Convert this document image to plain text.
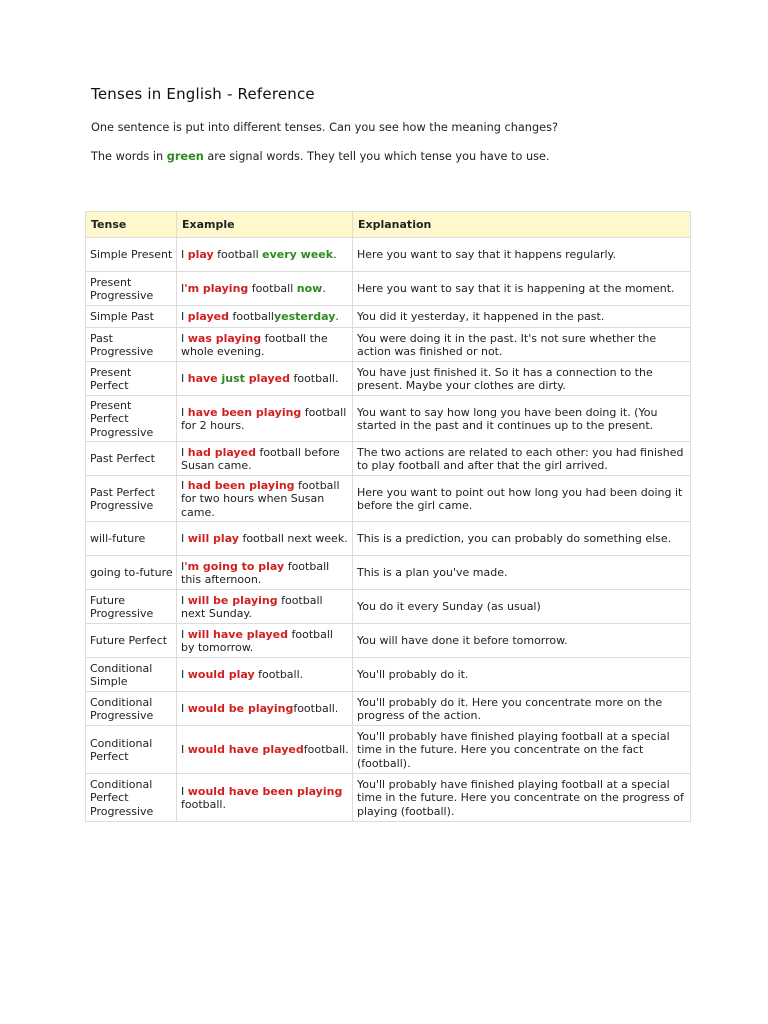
Tenses in English - Reference

One sentence is put into different tenses. Can you see how the meaning changes?

The words in green are signal words. They tell you which tense you have to use.

Tense	Example	Explanation
Simple Present	I play football every week.	Here you want to say that it happens regularly.
Present Progressive	I'm playing football now.	Here you want to say that it is happening at the moment.
Simple Past	I played footballyesterday.	You did it yesterday, it happened in the past.
Past Progressive	I was playing football the whole evening.	You were doing it in the past. It's not sure whether the action was finished or not.
Present Perfect	I have just played football.	You have just finished it. So it has a connection to the present. Maybe your clothes are dirty.
Present Perfect Progressive	I have been playing football for 2 hours.	You want to say how long you have been doing it. (You started in the past and it continues up to the present.
Past Perfect	I had played football before Susan came.	The two actions are related to each other: you had finished to play football and after that the girl arrived.
Past Perfect Progressive	I had been playing football for two hours when Susan came.	Here you want to point out how long you had been doing it before the girl came.
will-future	I will play football next week.	This is a prediction, you can probably do something else.
going to-future	I'm going to play football this afternoon.	This is a plan you've made.
Future Progressive	I will be playing football next Sunday.	You do it every Sunday (as usual)
Future Perfect	I will have played football by tomorrow.	You will have done it before tomorrow.
Conditional Simple	I would play football.	You'll probably do it.
Conditional Progressive	I would be playingfootball.	You'll probably do it. Here you concentrate more on the progress of the action.
Conditional Perfect	I would have playedfootball.	You'll probably have finished playing football at a special time in the future. Here you concentrate on the fact (football).
Conditional Perfect Progressive	I would have been playing football.	You'll probably have finished playing football at a special time in the future. Here you concentrate on the progress of playing (football).
